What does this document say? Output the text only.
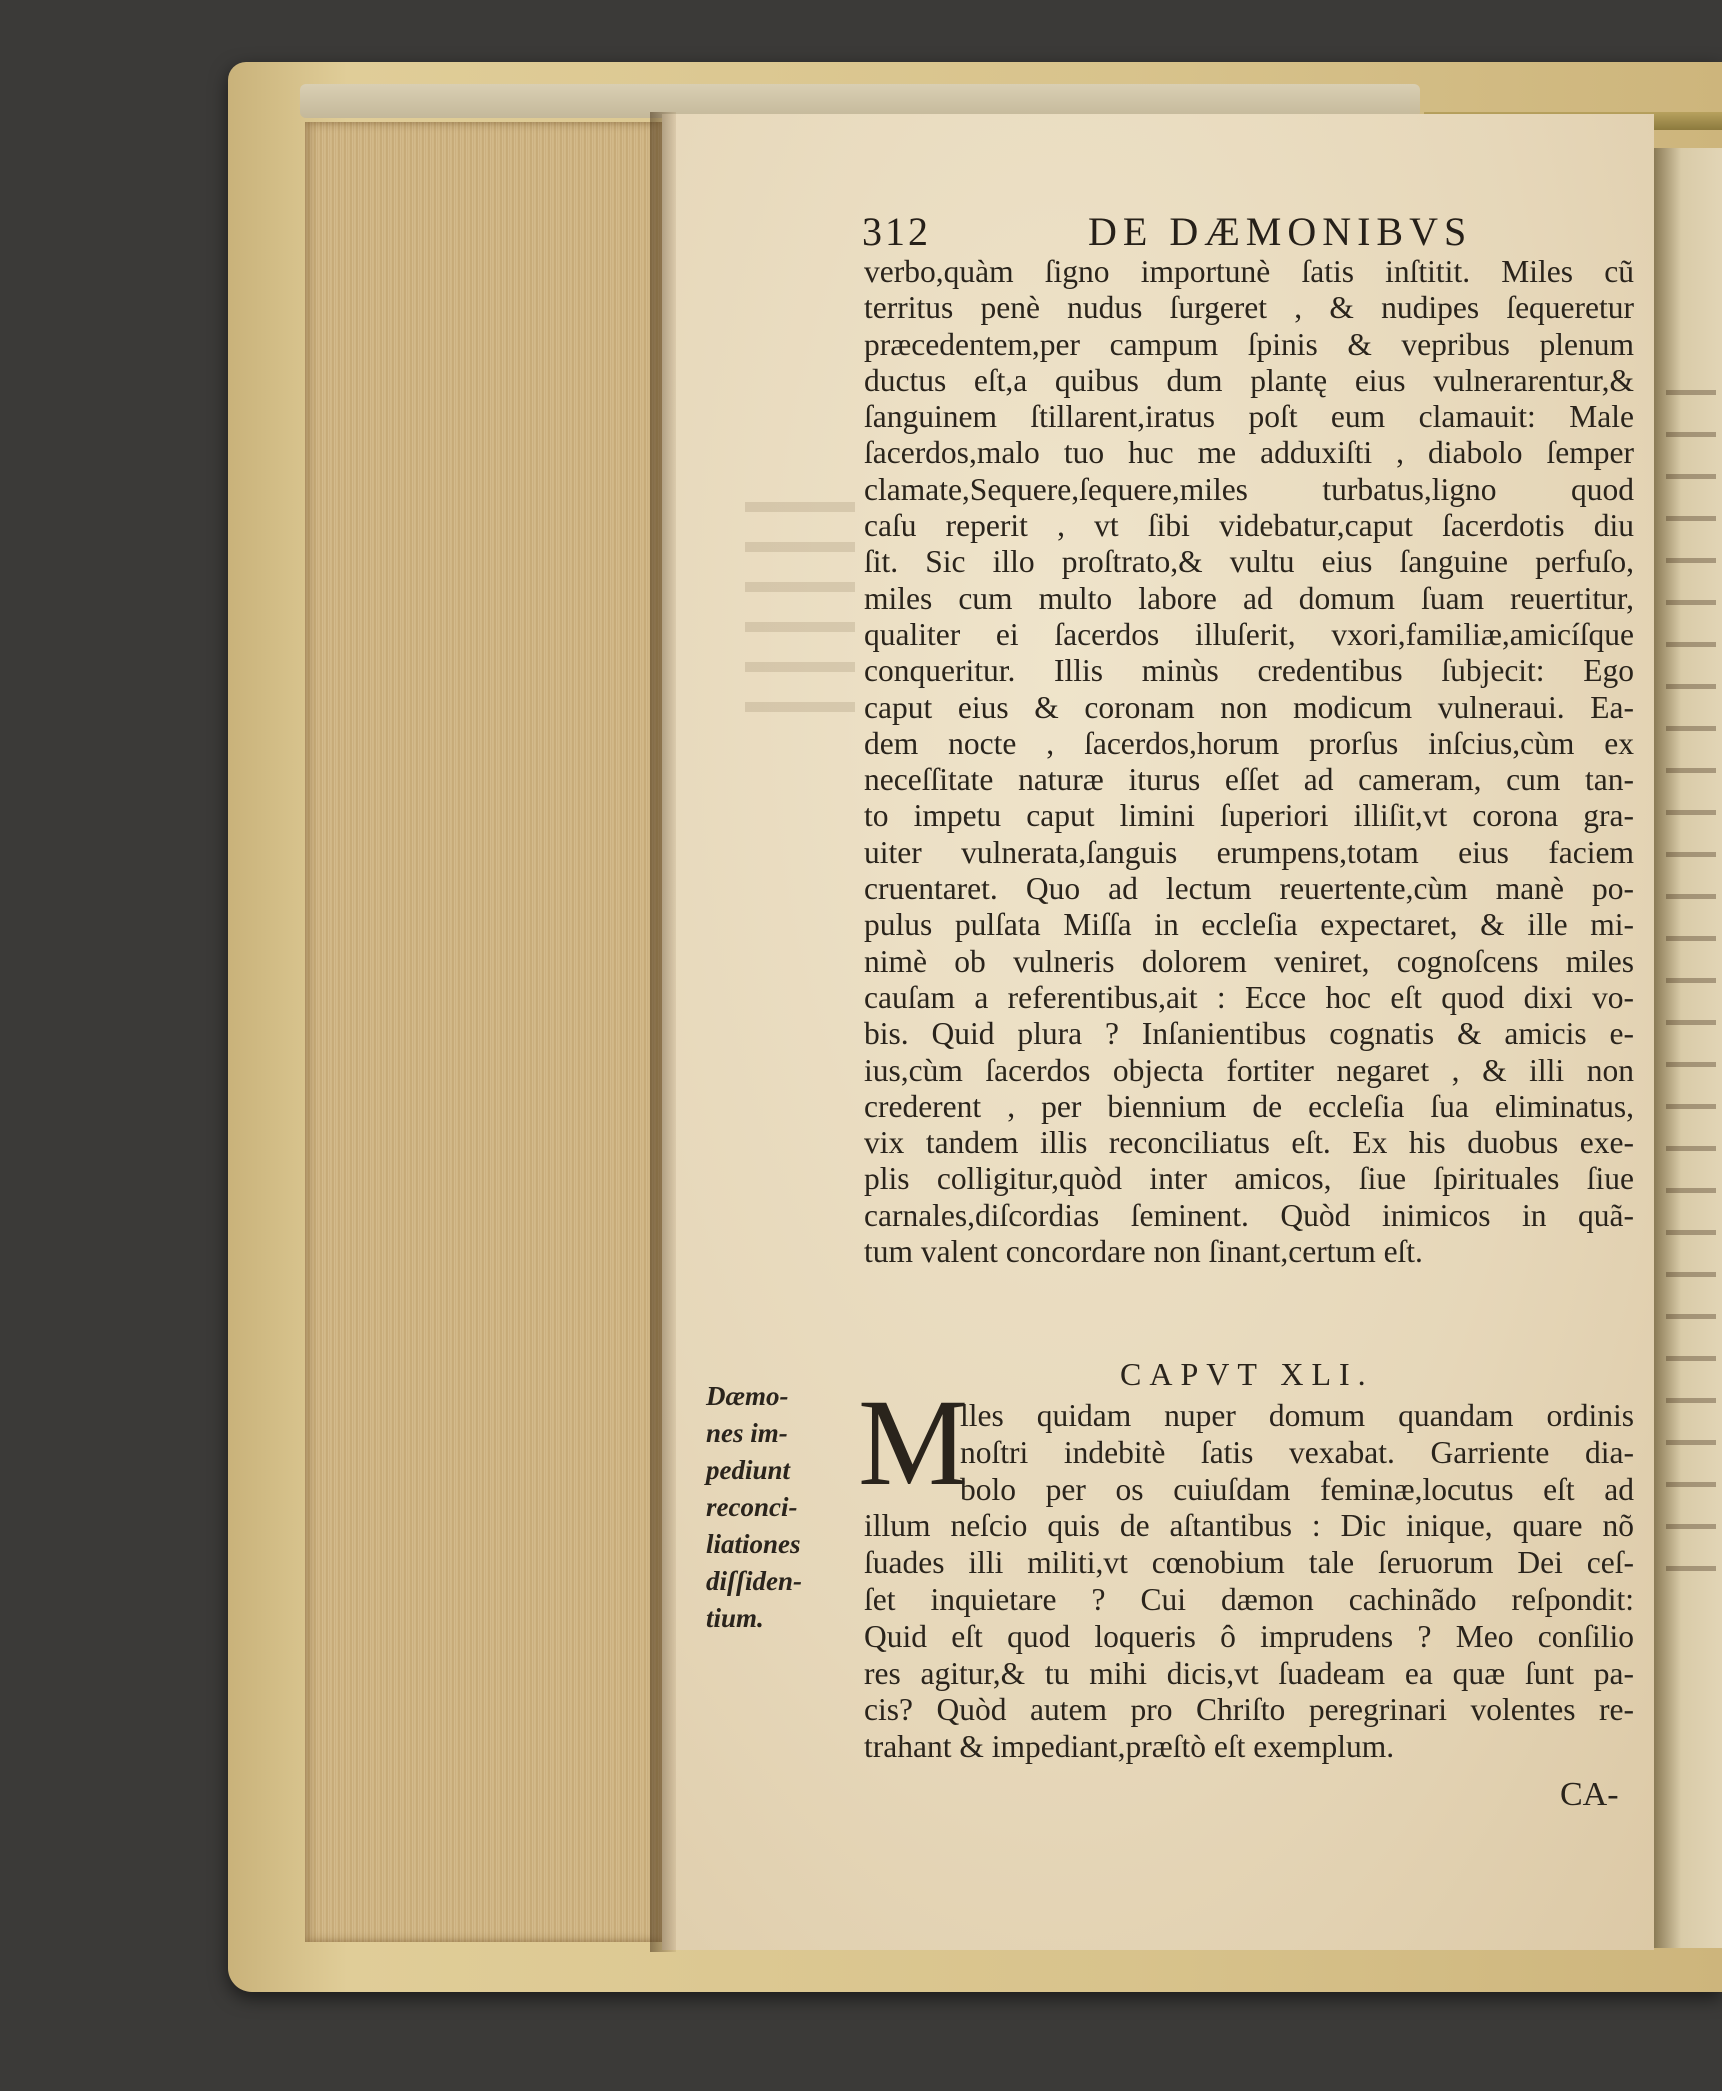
312	DE DÆMONIBVS
verbo,quàm ſigno importunè ſatis inſtitit. Miles cũ
territus penè nudus ſurgeret , & nudipes ſequeretur
præcedentem,per campum ſpinis & vepribus plenum
ductus eſt,a quibus dum plantę eius vulnerarentur,&
ſanguinem ſtillarent,iratus poſt eum clamauit: Male
ſacerdos,malo tuo huc me adduxiſti , diabolo ſemper
clamate,Sequere,ſequere,miles turbatus,ligno quod
caſu reperit , vt ſibi videbatur,caput ſacerdotis diu
ſit. Sic illo proſtrato,& vultu eius ſanguine perfuſo,
miles cum multo labore ad domum ſuam reuertitur,
qualiter ei ſacerdos illuſerit, vxori,familiæ,amicíſque
conqueritur. Illis minùs credentibus ſubjecit: Ego
caput eius & coronam non modicum vulneraui. Ea-
dem nocte , ſacerdos,horum prorſus inſcius,cùm ex
neceſſitate naturæ iturus eſſet ad cameram, cum tan-
to impetu caput limini ſuperiori illiſit,vt corona gra-
uiter vulnerata,ſanguis erumpens,totam eius faciem
cruentaret. Quo ad lectum reuertente,cùm manè po-
pulus pulſata Miſſa in eccleſia expectaret, & ille mi-
nimè ob vulneris dolorem veniret, cognoſcens miles
cauſam a referentibus,ait : Ecce hoc eſt quod dixi vo-
bis. Quid plura ? Inſanientibus cognatis & amicis e-
ius,cùm ſacerdos objecta fortiter negaret , & illi non
crederent , per biennium de eccleſia ſua eliminatus,
vix tandem illis reconciliatus eſt. Ex his duobus exe-
plis colligitur,quòd inter amicos, ſiue ſpirituales ſiue
carnales,diſcordias ſeminent. Quòd inimicos in quã-
tum valent concordare non ſinant,certum eſt.
CAPVT XLI.
M
lles quidam nuper domum quandam ordinis
noſtri indebitè ſatis vexabat. Garriente dia-
bolo per os cuiuſdam feminæ,locutus eſt ad
illum neſcio quis de aſtantibus : Dic inique, quare nõ
ſuades illi militi,vt cœnobium tale ſeruorum Dei ceſ-
ſet inquietare ? Cui dæmon cachinãdo reſpondit:
Quid eſt quod loqueris ô imprudens ? Meo conſilio
res agitur,& tu mihi dicis,vt ſuadeam ea quæ ſunt pa-
cis? Quòd autem pro Chriſto peregrinari volentes re-
trahant & impediant,præſtò eſt exemplum.
Dæmo-
nes im-
pediunt
reconci-
liationes
diſſiden-
tium.
CA-
